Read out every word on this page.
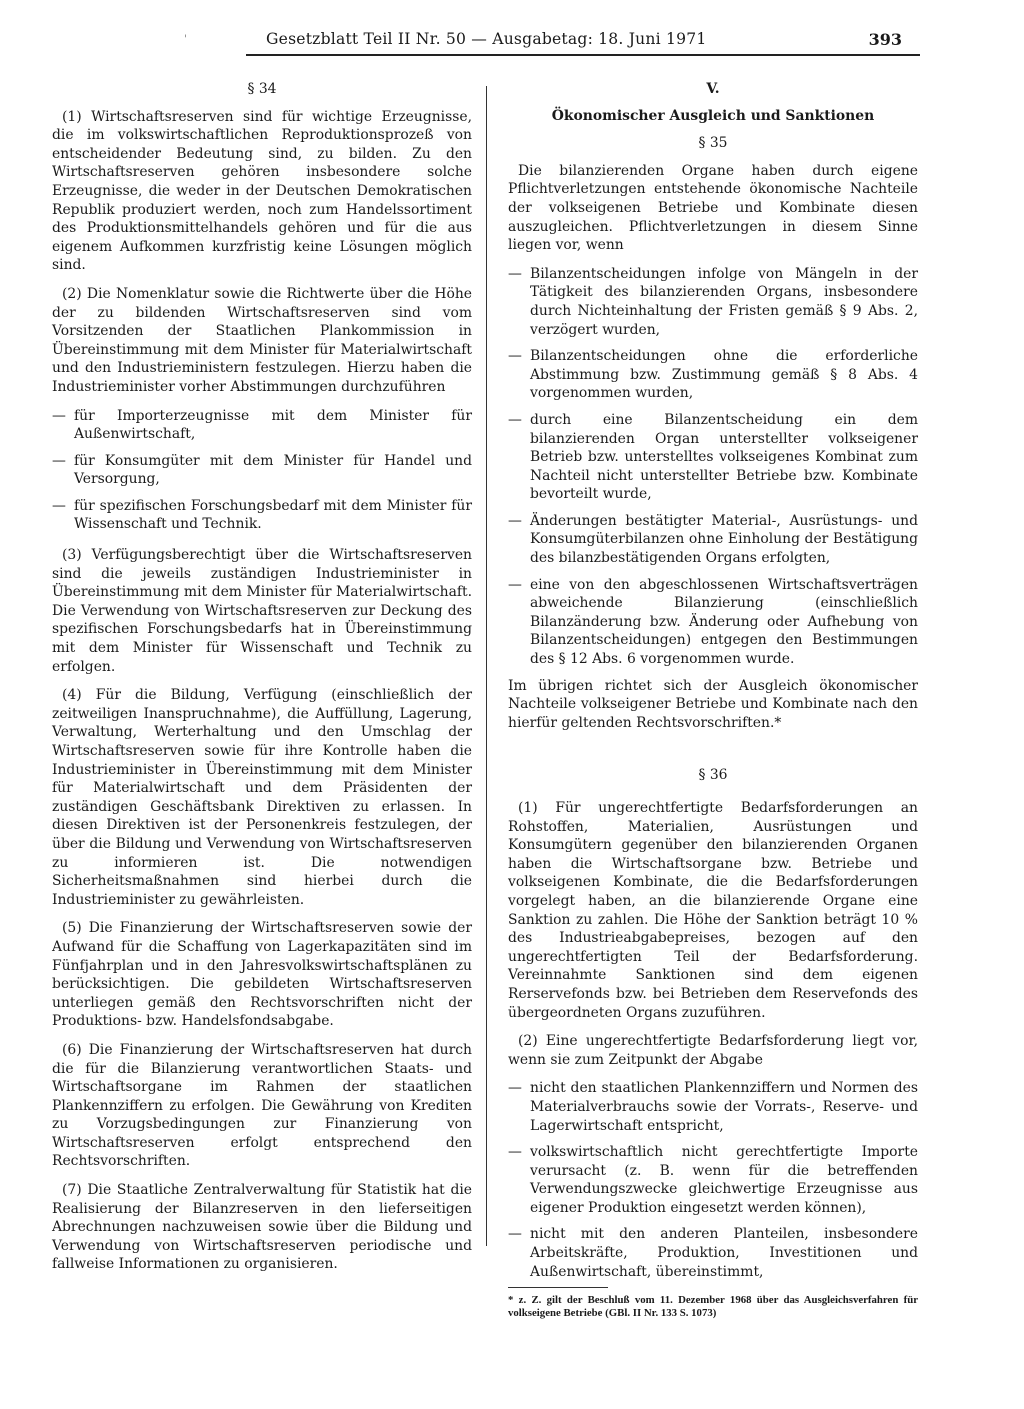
Gesetzblatt Teil II Nr. 50 — Ausgabetag: 18. Juni 1971	393
'

§ 34

(1) Wirtschaftsreserven sind für wichtige Erzeugnisse, die im volkswirtschaftlichen Reproduktionsprozeß von entscheidender Bedeutung sind, zu bilden. Zu den Wirtschaftsreserven gehören insbesondere solche Erzeugnisse, die weder in der Deutschen Demokratischen Republik produziert werden, noch zum Handelssortiment des Produktionsmittelhandels gehören und für die aus eigenem Aufkommen kurzfristig keine Lösungen möglich sind.

(2) Die Nomenklatur sowie die Richtwerte über die Höhe der zu bildenden Wirtschaftsreserven sind vom Vorsitzenden der Staatlichen Plankommission in Übereinstimmung mit dem Minister für Materialwirtschaft und den Industrieministern festzulegen. Hierzu haben die Industrieminister vorher Abstimmungen durchzuführen

— für Importerzeugnisse mit dem Minister für Außenwirtschaft,
— für Konsumgüter mit dem Minister für Handel und Versorgung,
— für spezifischen Forschungsbedarf mit dem Minister für Wissenschaft und Technik.

(3) Verfügungsberechtigt über die Wirtschaftsreserven sind die jeweils zuständigen Industrieminister in Übereinstimmung mit dem Minister für Materialwirtschaft. Die Verwendung von Wirtschaftsreserven zur Deckung des spezifischen Forschungsbedarfs hat in Übereinstimmung mit dem Minister für Wissenschaft und Technik zu erfolgen.

(4) Für die Bildung, Verfügung (einschließlich der zeitweiligen Inanspruchnahme), die Auffüllung, Lagerung, Verwaltung, Werterhaltung und den Umschlag der Wirtschaftsreserven sowie für ihre Kontrolle haben die Industrieminister in Übereinstimmung mit dem Minister für Materialwirtschaft und dem Präsidenten der zuständigen Geschäftsbank Direktiven zu erlassen. In diesen Direktiven ist der Personenkreis festzulegen, der über die Bildung und Verwendung von Wirtschaftsreserven zu informieren ist. Die notwendigen Sicherheitsmaßnahmen sind hierbei durch die Industrieminister zu gewährleisten.

(5) Die Finanzierung der Wirtschaftsreserven sowie der Aufwand für die Schaffung von Lagerkapazitäten sind im Fünfjahrplan und in den Jahresvolkswirtschaftsplänen zu berücksichtigen. Die gebildeten Wirtschaftsreserven unterliegen gemäß den Rechtsvorschriften nicht der Produktions- bzw. Handelsfondsabgabe.

(6) Die Finanzierung der Wirtschaftsreserven hat durch die für die Bilanzierung verantwortlichen Staats- und Wirtschaftsorgane im Rahmen der staatlichen Plankennziffern zu erfolgen. Die Gewährung von Krediten zu Vorzugsbedingungen zur Finanzierung von Wirtschaftsreserven erfolgt entsprechend den Rechtsvorschriften.

(7) Die Staatliche Zentralverwaltung für Statistik hat die Realisierung der Bilanzreserven in den lieferseitigen Abrechnungen nachzuweisen sowie über die Bildung und Verwendung von Wirtschaftsreserven periodische und fallweise Informationen zu organisieren.

V.

Ökonomischer Ausgleich und Sanktionen

§ 35

Die bilanzierenden Organe haben durch eigene Pflichtverletzungen entstehende ökonomische Nachteile der volkseigenen Betriebe und Kombinate diesen auszugleichen. Pflichtverletzungen in diesem Sinne liegen vor, wenn

— Bilanzentscheidungen infolge von Mängeln in der Tätigkeit des bilanzierenden Organs, insbesondere durch Nichteinhaltung der Fristen gemäß § 9 Abs. 2, verzögert wurden,
— Bilanzentscheidungen ohne die erforderliche Abstimmung bzw. Zustimmung gemäß § 8 Abs. 4 vorgenommen wurden,
— durch eine Bilanzentscheidung ein dem bilanzierenden Organ unterstellter volkseigener Betrieb bzw. unterstelltes volkseigenes Kombinat zum Nachteil nicht unterstellter Betriebe bzw. Kombinate bevorteilt wurde,
— Änderungen bestätigter Material-, Ausrüstungs- und Konsumgüterbilanzen ohne Einholung der Bestätigung des bilanzbestätigenden Organs erfolgten,
— eine von den abgeschlossenen Wirtschaftsverträgen abweichende Bilanzierung (einschließlich Bilanzänderung bzw. Änderung oder Aufhebung von Bilanzentscheidungen) entgegen den Bestimmungen des § 12 Abs. 6 vorgenommen wurde.

Im übrigen richtet sich der Ausgleich ökonomischer Nachteile volkseigener Betriebe und Kombinate nach den hierfür geltenden Rechtsvorschriften.*

§ 36

(1) Für ungerechtfertigte Bedarfsforderungen an Rohstoffen, Materialien, Ausrüstungen und Konsumgütern gegenüber den bilanzierenden Organen haben die Wirtschaftsorgane bzw. Betriebe und volkseigenen Kombinate, die die Bedarfsforderungen vorgelegt haben, an die bilanzierende Organe eine Sanktion zu zahlen. Die Höhe der Sanktion beträgt 10 % des Industrieabgabepreises, bezogen auf den ungerechtfertigten Teil der Bedarfsforderung. Vereinnahmte Sanktionen sind dem eigenen Rerservefonds bzw. bei Betrieben dem Reservefonds des übergeordneten Organs zuzuführen.

(2) Eine ungerechtfertigte Bedarfsforderung liegt vor, wenn sie zum Zeitpunkt der Abgabe

— nicht den staatlichen Plankennziffern und Normen des Materialverbrauchs sowie der Vorrats-, Reserve- und Lagerwirtschaft entspricht,
— volkswirtschaftlich nicht gerechtfertigte Importe verursacht (z. B. wenn für die betreffenden Verwendungszwecke gleichwertige Erzeugnisse aus eigener Produktion eingesetzt werden können),
— nicht mit den anderen Planteilen, insbesondere Arbeitskräfte, Produktion, Investitionen und Außenwirtschaft, übereinstimmt,
* z. Z. gilt der Beschluß vom 11. Dezember 1968 über das Ausgleichsverfahren für volkseigene Betriebe (GBl. II Nr. 133 S. 1073)
